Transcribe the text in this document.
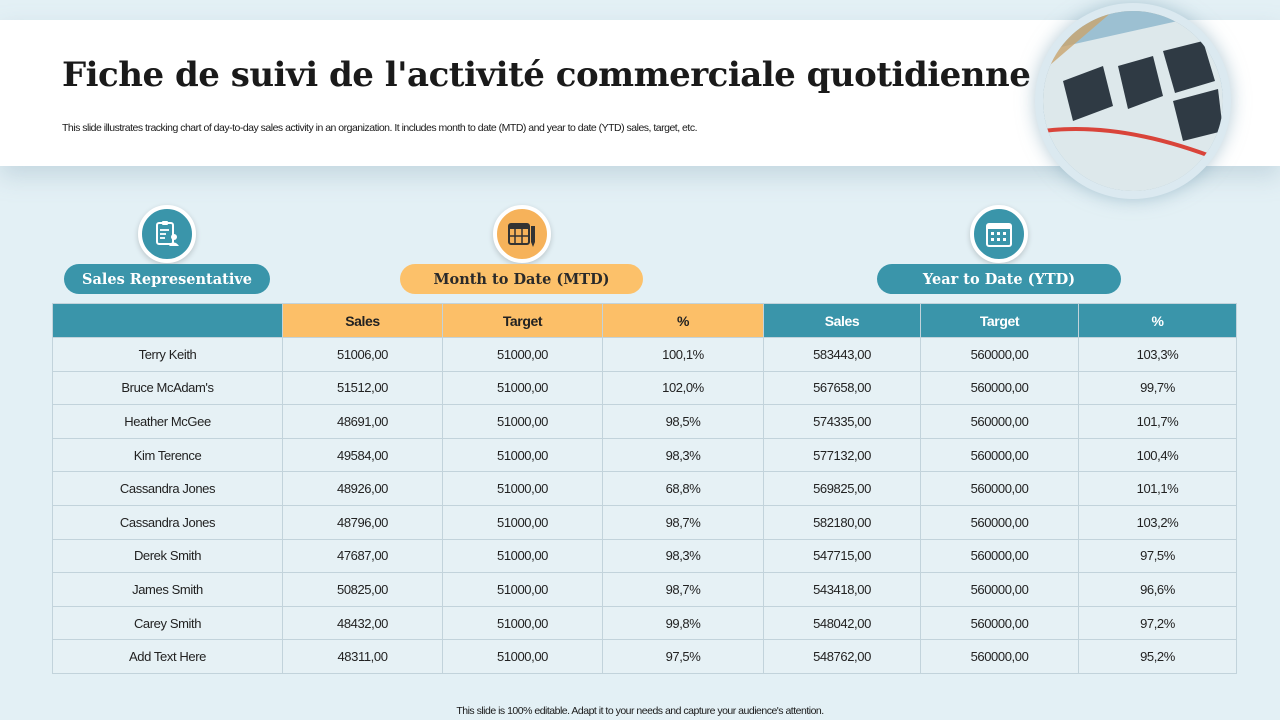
Fiche de suivi de l'activité commerciale quotidienne

This slide illustrates tracking chart of day-to-day sales activity in an organization. It includes month to date (MTD) and year to date (YTD) sales, target, etc.

Sales Representative	Month to Date (MTD)	Year to Date (YTD)
	Sales	Target	%	Sales	Target	%
Terry Keith	51006,00	51000,00	100,1%	583443,00	560000,00	103,3%
Bruce McAdam's	51512,00	51000,00	102,0%	567658,00	560000,00	99,7%
Heather McGee	48691,00	51000,00	98,5%	574335,00	560000,00	101,7%
Kim Terence	49584,00	51000,00	98,3%	577132,00	560000,00	100,4%
Cassandra Jones	48926,00	51000,00	68,8%	569825,00	560000,00	101,1%
Cassandra Jones	48796,00	51000,00	98,7%	582180,00	560000,00	103,2%
Derek Smith	47687,00	51000,00	98,3%	547715,00	560000,00	97,5%
James Smith	50825,00	51000,00	98,7%	543418,00	560000,00	96,6%
Carey Smith	48432,00	51000,00	99,8%	548042,00	560000,00	97,2%
Add Text Here	48311,00	51000,00	97,5%	548762,00	560000,00	95,2%
This slide is 100% editable. Adapt it to your needs and capture your audience's attention.
